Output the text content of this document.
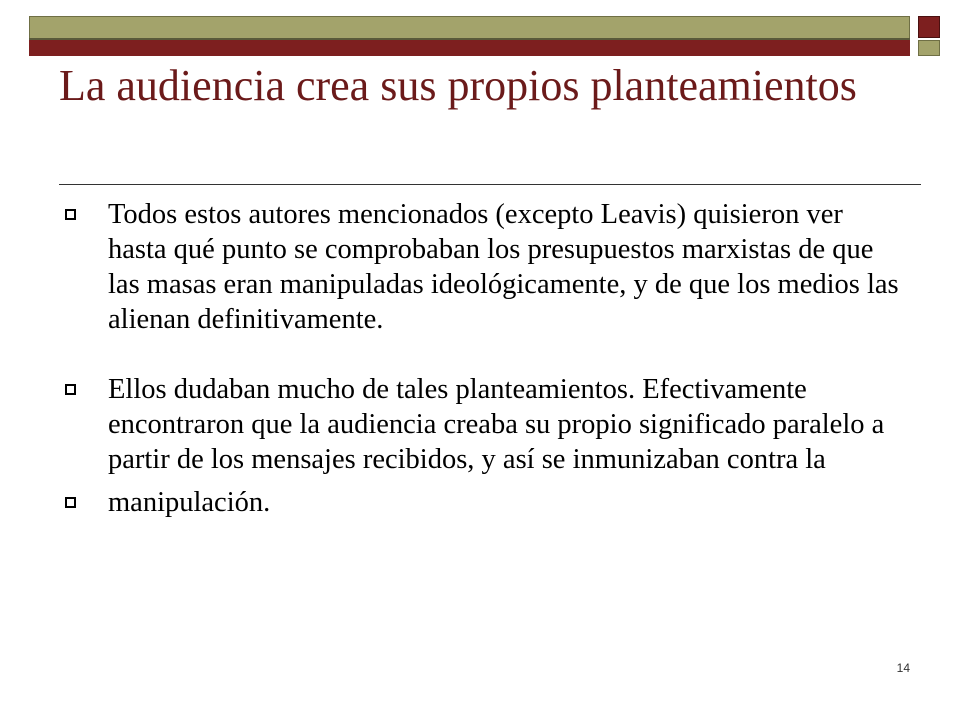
La audiencia crea sus propios planteamientos
Todos estos autores mencionados (excepto Leavis) quisieron ver hasta qué punto se comprobaban los presupuestos marxistas de que las masas eran manipuladas ideológicamente, y de que los medios las alienan definitivamente.
Ellos dudaban mucho de tales planteamientos. Efectivamente encontraron que la audiencia creaba su propio significado paralelo a partir de los mensajes recibidos, y así se inmunizaban contra la
manipulación.
14
